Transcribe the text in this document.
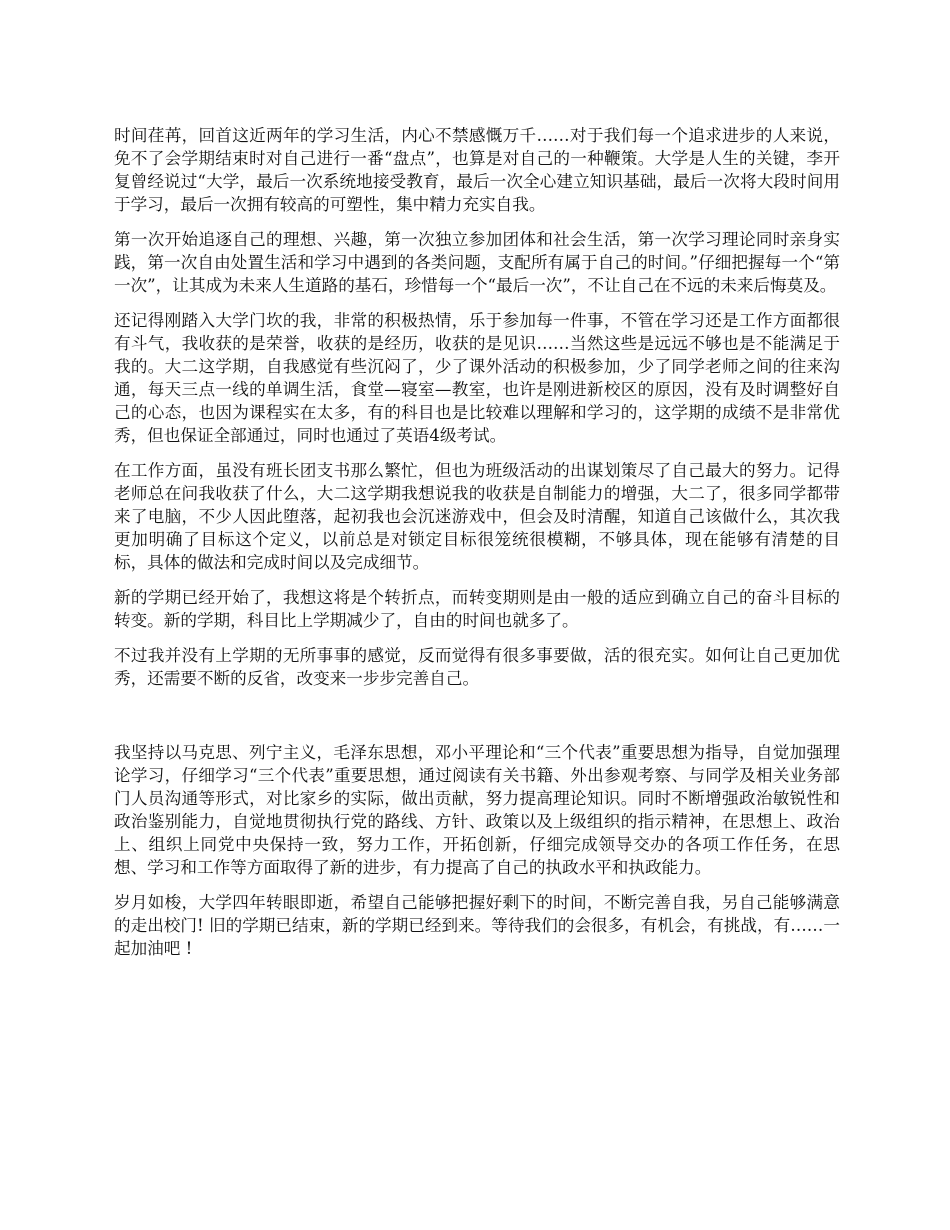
时间荏苒，回首这近两年的学习生活，内心不禁感慨万千……对于我们每一个追求进步的人来说，免不了会学期结束时对自己进行一番“盘点”，也算是对自己的一种鞭策。大学是人生的关键，李开复曾经说过“大学，最后一次系统地接受教育，最后一次全心建立知识基础，最后一次将大段时间用于学习，最后一次拥有较高的可塑性，集中精力充实自我。

第一次开始追逐自己的理想、兴趣，第一次独立参加团体和社会生活，第一次学习理论同时亲身实践，第一次自由处置生活和学习中遇到的各类问题，支配所有属于自己的时间。”仔细把握每一个“第一次”，让其成为未来人生道路的基石，珍惜每一个“最后一次”，不让自己在不远的未来后悔莫及。

还记得刚踏入大学门坎的我，非常的积极热情，乐于参加每一件事，不管在学习还是工作方面都很有斗气，我收获的是荣誉，收获的是经历，收获的是见识……当然这些是远远不够也是不能满足于我的。大二这学期，自我感觉有些沉闷了，少了课外活动的积极参加，少了同学老师之间的往来沟通，每天三点一线的单调生活，食堂—寝室—教室，也许是刚进新校区的原因，没有及时调整好自己的心态，也因为课程实在太多，有的科目也是比较难以理解和学习的，这学期的成绩不是非常优秀，但也保证全部通过，同时也通过了英语4级考试。

在工作方面，虽没有班长团支书那么繁忙，但也为班级活动的出谋划策尽了自己最大的努力。记得老师总在问我收获了什么，大二这学期我想说我的收获是自制能力的增强，大二了，很多同学都带来了电脑，不少人因此堕落，起初我也会沉迷游戏中，但会及时清醒，知道自己该做什么，其次我更加明确了目标这个定义，以前总是对锁定目标很笼统很模糊，不够具体，现在能够有清楚的目标，具体的做法和完成时间以及完成细节。

新的学期已经开始了，我想这将是个转折点，而转变期则是由一般的适应到确立自己的奋斗目标的转变。新的学期，科目比上学期减少了，自由的时间也就多了。

不过我并没有上学期的无所事事的感觉，反而觉得有很多事要做，活的很充实。如何让自己更加优秀，还需要不断的反省，改变来一步步完善自己。

我坚持以马克思、列宁主义，毛泽东思想，邓小平理论和“三个代表”重要思想为指导，自觉加强理论学习，仔细学习“三个代表”重要思想，通过阅读有关书籍、外出参观考察、与同学及相关业务部门人员沟通等形式，对比家乡的实际，做出贡献，努力提高理论知识。同时不断增强政治敏锐性和政治鉴别能力，自觉地贯彻执行党的路线、方针、政策以及上级组织的指示精神，在思想上、政治上、组织上同党中央保持一致，努力工作，开拓创新，仔细完成领导交办的各项工作任务，在思想、学习和工作等方面取得了新的进步，有力提高了自己的执政水平和执政能力。

岁月如梭，大学四年转眼即逝，希望自己能够把握好剩下的时间，不断完善自我，另自己能够满意的走出校门! 旧的学期已结束，新的学期已经到来。等待我们的会很多，有机会，有挑战，有……一起加油吧 !
